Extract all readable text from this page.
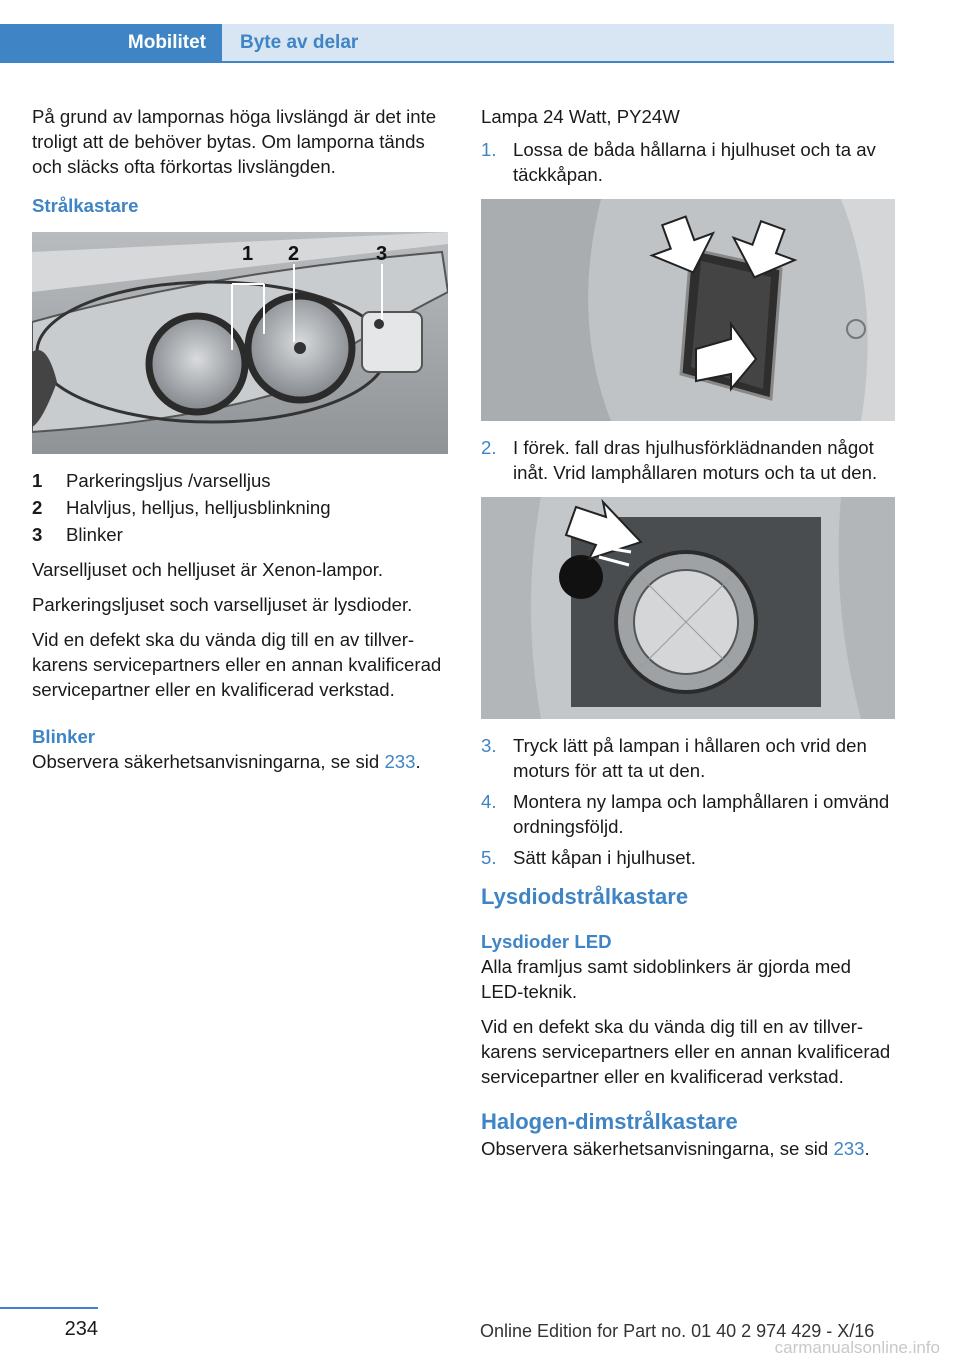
Mobilitet	Byte av delar

På grund av lampornas höga livslängd är det inte troligt att de behöver bytas. Om lamporna tänds och släcks ofta förkortas livslängden.

Strålkastare
1 2	3
1	Parkeringsljus /varselljus
2	Halvljus, helljus, helljusblinkning
3	Blinker

Varselljuset och helljuset är Xenon-lampor.

Parkeringsljuset soch varselljuset är lysdioder.

Vid en defekt ska du vända dig till en av tillverkarens servicepartners eller en annan kvalificerad servicepartner eller en kvalificerad verkstad.

Blinker

Observera säkerhetsanvisningarna, se sid 233.

Lampa 24 Watt, PY24W

1. Lossa de båda hållarna i hjulhuset och ta av täckkåpan.
2. I förek. fall dras hjulhusförklädnanden något inåt. Vrid lamphållaren moturs och ta ut den.
3. Tryck lätt på lampan i hållaren och vrid den moturs för att ta ut den.
4. Montera ny lampa och lamphållaren i omvänd ordningsföljd.
5. Sätt kåpan i hjulhuset.
Lysdiodstrålkastare
Lysdioder LED

Alla framljus samt sidoblinkers är gjorda med LED-teknik.

Vid en defekt ska du vända dig till en av tillverkarens servicepartners eller en annan kvalificerad servicepartner eller en kvalificerad verkstad.

Halogen-dimstrålkastare

Observera säkerhetsanvisningarna, se sid 233.

234	Online Edition for Part no. 01 40 2 974 429 - X/16
carmanualsonline.info
